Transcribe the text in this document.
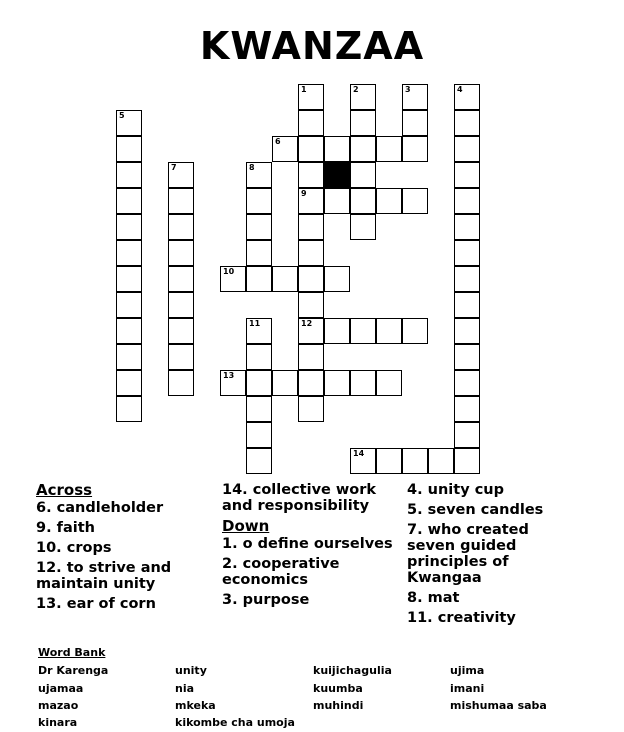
KWANZAA
1	2	3	4
5
6
7	8
9
10
11	12
13
14
Across
6. candleholder
9. faith
10. crops
12. to strive and maintain unity
13. ear of corn
14. collective work and responsibility
Down
1. o define ourselves
2. cooperative economics
3. purpose
4. unity cup
5. seven candles
7. who created seven guided principles of Kwangaa
8. mat
11. creativity
Word Bank
Dr Karenga
ujamaa
mazao
kinara
unity
nia
mkeka
kikombe cha umoja
kuijichagulia
kuumba
muhindi
ujima
imani
mishumaa saba
